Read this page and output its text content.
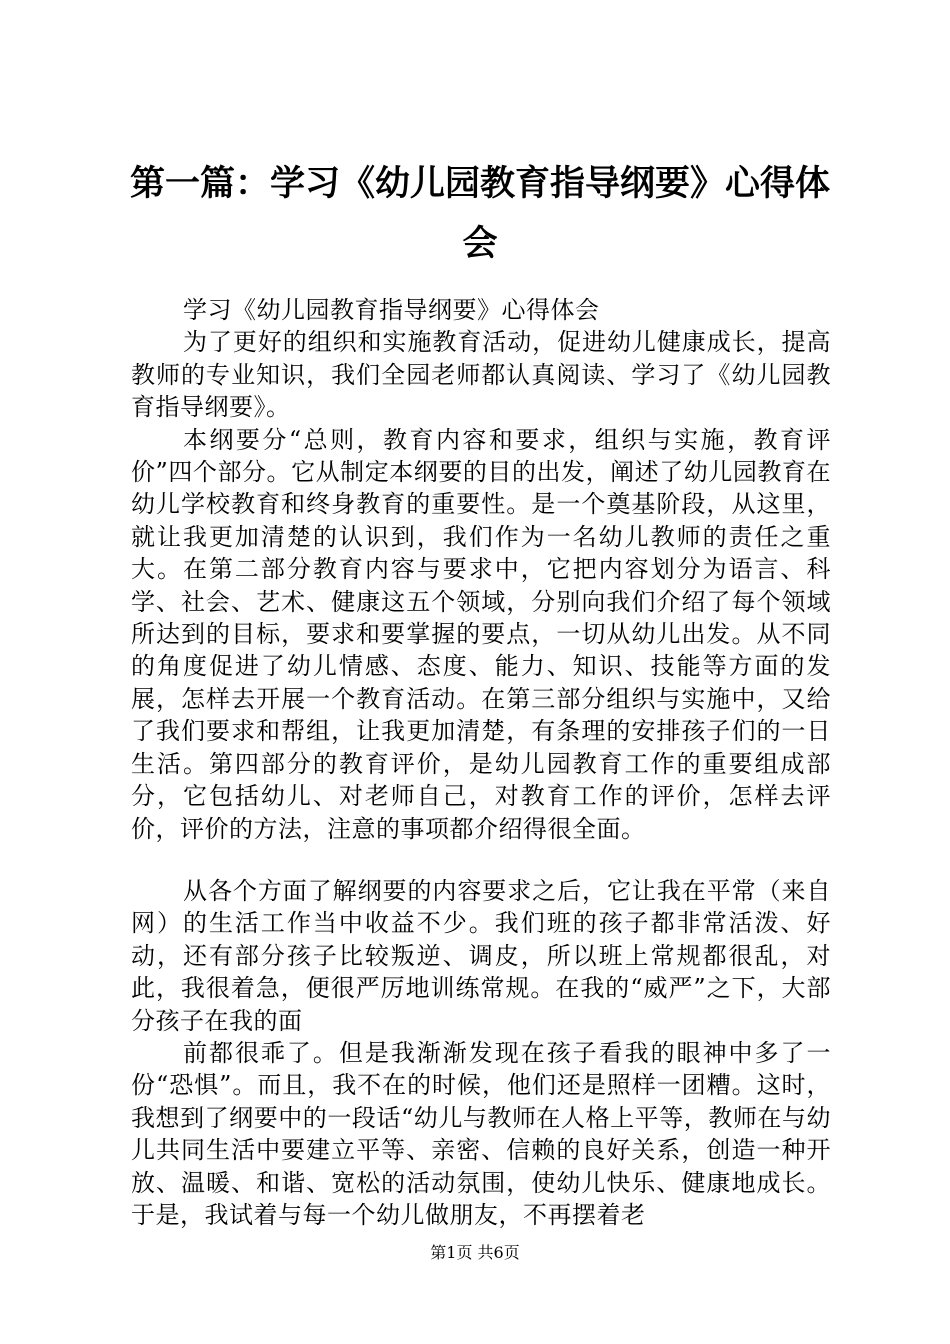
第一篇：学习《幼儿园教育指导纲要》心得体会

学习《幼儿园教育指导纲要》心得体会

为了更好的组织和实施教育活动，促进幼儿健康成长，提高教师的专业知识，我们全园老师都认真阅读、学习了《幼儿园教育指导纲要》。

本纲要分“总则，教育内容和要求，组织与实施，教育评价”四个部分。它从制定本纲要的目的出发，阐述了幼儿园教育在幼儿学校教育和终身教育的重要性。是一个奠基阶段，从这里，就让我更加清楚的认识到，我们作为一名幼儿教师的责任之重大。在第二部分教育内容与要求中，它把内容划分为语言、科学、社会、艺术、健康这五个领域，分别向我们介绍了每个领域所达到的目标，要求和要掌握的要点，一切从幼儿出发。从不同的角度促进了幼儿情感、态度、能力、知识、技能等方面的发展，怎样去开展一个教育活动。在第三部分组织与实施中，又给了我们要求和帮组，让我更加清楚，有条理的安排孩子们的一日生活。第四部分的教育评价，是幼儿园教育工作的重要组成部分，它包括幼儿、对老师自己，对教育工作的评价，怎样去评价，评价的方法，注意的事项都介绍得很全面。

从各个方面了解纲要的内容要求之后，它让我在平常（来自网）的生活工作当中收益不少。我们班的孩子都非常活泼、好动，还有部分孩子比较叛逆、调皮，所以班上常规都很乱，对此，我很着急，便很严厉地训练常规。在我的“威严”之下，大部分孩子在我的面

前都很乖了。但是我渐渐发现在孩子看我的眼神中多了一份“恐惧”。而且，我不在的时候，他们还是照样一团糟。这时，我想到了纲要中的一段话“幼儿与教师在人格上平等，教师在与幼儿共同生活中要建立平等、亲密、信赖的良好关系，创造一种开放、温暖、和谐、宽松的活动氛围，使幼儿快乐、健康地成长。于是，我试着与每一个幼儿做朋友，不再摆着老

第1页 共6页
